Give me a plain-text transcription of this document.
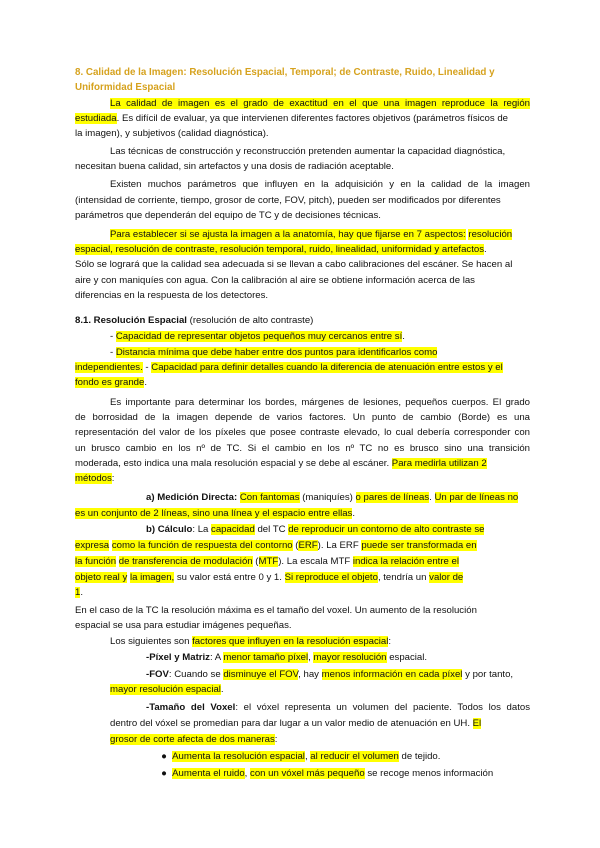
8. Calidad de la Imagen: Resolución Espacial, Temporal; de Contraste, Ruido, Linealidad y
Uniformidad Espacial
La calidad de imagen es el grado de exactitud en el que una imagen reproduce la región
estudiada. Es difícil de evaluar, ya que intervienen diferentes factores objetivos (parámetros físicos de
la imagen), y subjetivos (calidad diagnóstica).
Las técnicas de construcción y reconstrucción pretenden aumentar la capacidad diagnóstica,
necesitan buena calidad, sin artefactos y una dosis de radiación aceptable.
Existen muchos parámetros que influyen en la adquisición y en la calidad de la imagen
(intensidad de corriente, tiempo, grosor de corte, FOV, pitch), pueden ser modificados por diferentes
parámetros que dependerán del equipo de TC y de decisiones técnicas.
Para establecer si se ajusta la imagen a la anatomía, hay que fijarse en 7 aspectos: resolución
espacial, resolución de contraste, resolución temporal, ruido, linealidad, uniformidad y artefactos.
Sólo se logrará que la calidad sea adecuada si se llevan a cabo calibraciones del escáner. Se hacen al
aire y con maniquíes con agua. Con la calibración al aire se obtiene información acerca de las
diferencias en la respuesta de los detectores.
8.1. Resolución Espacial (resolución de alto contraste)
- Capacidad de representar objetos pequeños muy cercanos entre sí.
- Distancia mínima que debe haber entre dos puntos para identificarlos como
independientes. - Capacidad para definir detalles cuando la diferencia de atenuación entre estos y el
fondo es grande.
Es importante para determinar los bordes, márgenes de lesiones, pequeños cuerpos. El grado
de borrosidad de la imagen depende de varios factores. Un punto de cambio (Borde) es una
representación del valor de los píxeles que posee contraste elevado, lo cual debería corresponder con
un brusco cambio en los nº de TC. Si el cambio en los nº TC no es brusco sino una transición
moderada, esto indica una mala resolución espacial y se debe al escáner. Para medirla utilizan 2
métodos:
a) Medición Directa: Con fantomas (maniquíes) o pares de líneas. Un par de líneas no
es un conjunto de 2 líneas, sino una línea y el espacio entre ellas.
b) Cálculo: La capacidad del TC de reproducir un contorno de alto contraste se
expresa como la función de respuesta del contorno (ERF). La ERF puede ser transformada en
la función de transferencia de modulación (MTF). La escala MTF indica la relación entre el
objeto real y la imagen, su valor está entre 0 y 1. Si reproduce el objeto, tendría un valor de
1.
En el caso de la TC la resolución máxima es el tamaño del voxel. Un aumento de la resolución
espacial se usa para estudiar imágenes pequeñas.
Los siguientes son factores que influyen en la resolución espacial:
-Píxel y Matriz: A menor tamaño píxel, mayor resolución espacial.
-FOV: Cuando se disminuye el FOV, hay menos información en cada píxel y por tanto,
mayor resolución espacial.
-Tamaño del Voxel: el vóxel representa un volumen del paciente. Todos los datos
dentro del vóxel se promedian para dar lugar a un valor medio de atenuación en UH. El
grosor de corte afecta de dos maneras:
● Aumenta la resolución espacial, al reducir el volumen de tejido.
● Aumenta el ruido, con un vóxel más pequeño se recoge menos información
